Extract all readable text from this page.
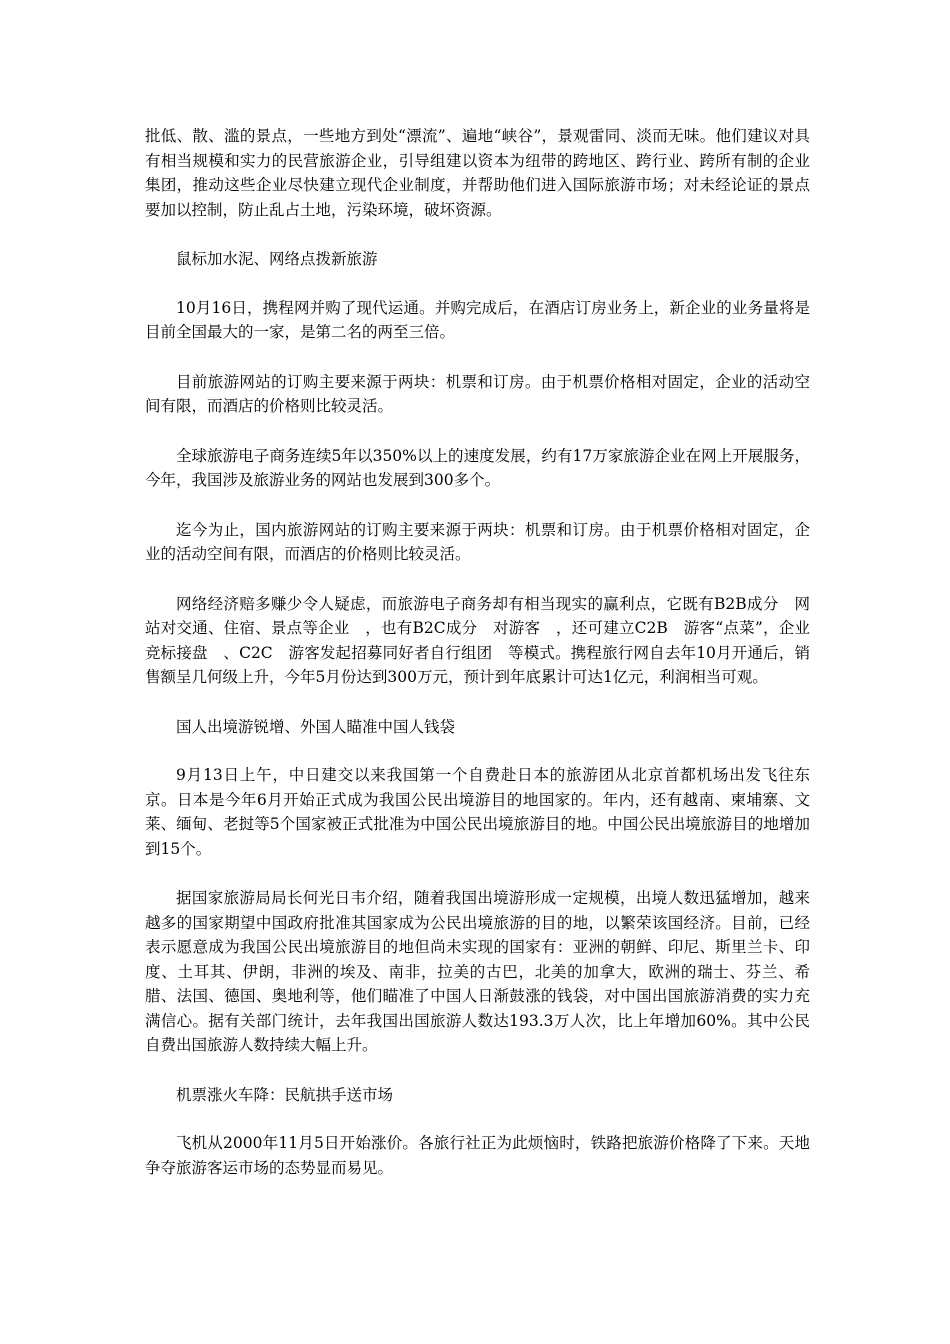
批低、散、滥的景点，一些地方到处“漂流”、遍地“峡谷”，景观雷同、淡而无味。他们建议对具有相当规模和实力的民营旅游企业，引导组建以资本为纽带的跨地区、跨行业、跨所有制的企业集团，推动这些企业尽快建立现代企业制度，并帮助他们进入国际旅游市场；对未经论证的景点要加以控制，防止乱占土地，污染环境，破坏资源。

鼠标加水泥、网络点拨新旅游

10月16日，携程网并购了现代运通。并购完成后，在酒店订房业务上，新企业的业务量将是目前全国最大的一家，是第二名的两至三倍。

目前旅游网站的订购主要来源于两块：机票和订房。由于机票价格相对固定，企业的活动空间有限，而酒店的价格则比较灵活。

全球旅游电子商务连续5年以350%以上的速度发展，约有17万家旅游企业在网上开展服务，今年，我国涉及旅游业务的网站也发展到300多个。

迄今为止，国内旅游网站的订购主要来源于两块：机票和订房。由于机票价格相对固定，企业的活动空间有限，而酒店的价格则比较灵活。

网络经济赔多赚少令人疑虑，而旅游电子商务却有相当现实的赢利点，它既有B2B成分　网站对交通、住宿、景点等企业　，也有B2C成分　对游客　，还可建立C2B　游客“点菜”，企业竞标接盘　、C2C　游客发起招募同好者自行组团　等模式。携程旅行网自去年10月开通后，销售额呈几何级上升，今年5月份达到300万元，预计到年底累计可达1亿元，利润相当可观。

国人出境游锐增、外国人瞄准中国人钱袋

9月13日上午，中日建交以来我国第一个自费赴日本的旅游团从北京首都机场出发飞往东京。日本是今年6月开始正式成为我国公民出境游目的地国家的。年内，还有越南、柬埔寨、文莱、缅甸、老挝等5个国家被正式批准为中国公民出境旅游目的地。中国公民出境旅游目的地增加到15个。

据国家旅游局局长何光日韦介绍，随着我国出境游形成一定规模，出境人数迅猛增加，越来越多的国家期望中国政府批准其国家成为公民出境旅游的目的地，以繁荣该国经济。目前，已经表示愿意成为我国公民出境旅游目的地但尚未实现的国家有：亚洲的朝鲜、印尼、斯里兰卡、印度、土耳其、伊朗，非洲的埃及、南非，拉美的古巴，北美的加拿大，欧洲的瑞士、芬兰、希腊、法国、德国、奥地利等，他们瞄准了中国人日渐鼓涨的钱袋，对中国出国旅游消费的实力充满信心。据有关部门统计，去年我国出国旅游人数达193.3万人次，比上年增加60%。其中公民自费出国旅游人数持续大幅上升。

机票涨火车降：民航拱手送市场

飞机从2000年11月5日开始涨价。各旅行社正为此烦恼时，铁路把旅游价格降了下来。天地争夺旅游客运市场的态势显而易见。
